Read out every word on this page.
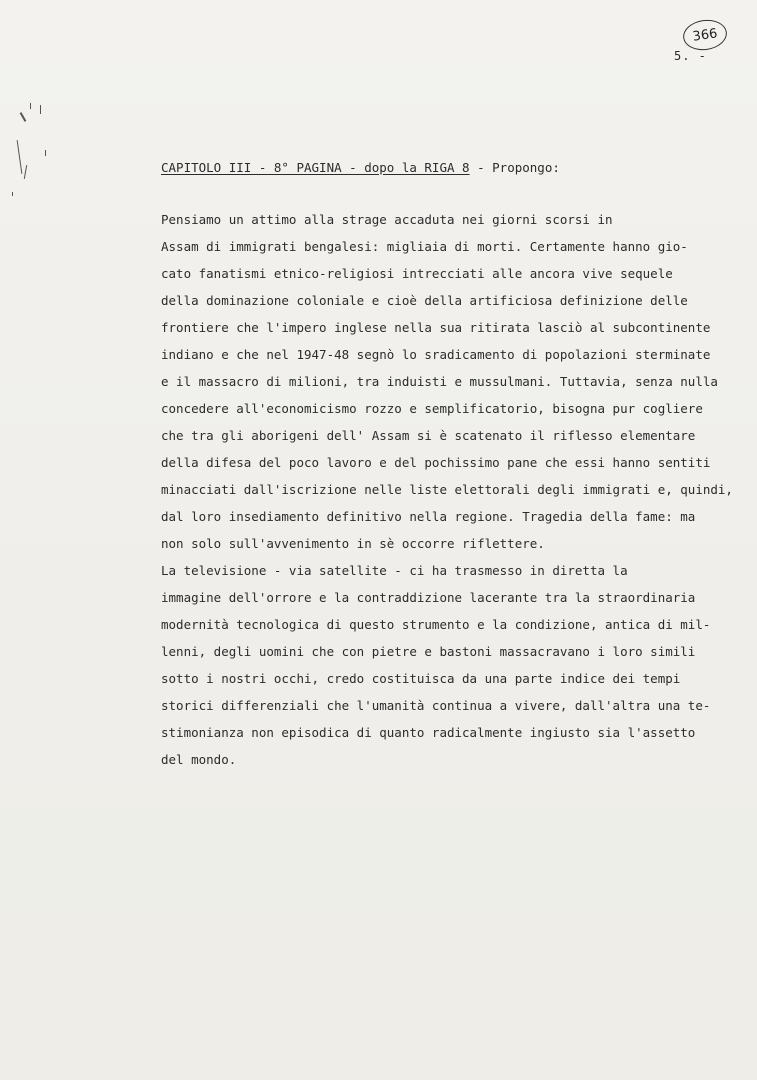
366
5. -
CAPITOLO III - 8° PAGINA - dopo la RIGA 8 - Propongo:
Pensiamo un attimo alla strage accaduta nei giorni scorsi in
Assam di immigrati bengalesi: migliaia di morti. Certamente hanno gio-
cato fanatismi etnico-religiosi intrecciati alle ancora vive sequele
della dominazione coloniale e cioè della artificiosa definizione delle
frontiere che l'impero inglese nella sua ritirata lasciò al subcontinente
indiano e che nel 1947-48 segnò lo sradicamento di popolazioni sterminate
e il massacro di milioni, tra induisti e mussulmani. Tuttavia, senza nulla
concedere all'economicismo rozzo e semplificatorio, bisogna pur cogliere
che tra gli aborigeni dell' Assam si è scatenato il riflesso elementare
della difesa del poco lavoro e del pochissimo pane che essi hanno sentiti
minacciati dall'iscrizione nelle liste elettorali degli immigrati e, quindi,
dal loro insediamento definitivo nella regione. Tragedia della fame: ma
non solo sull'avvenimento in sè occorre riflettere.
La televisione - via satellite - ci ha trasmesso in diretta la
immagine dell'orrore e la contraddizione lacerante tra la straordinaria
modernità tecnologica di questo strumento e la condizione, antica di mil-
lenni, degli uomini che con pietre e bastoni massacravano i loro simili
sotto i nostri occhi, credo costituisca da una parte indice dei tempi
storici differenziali che l'umanità continua a vivere, dall'altra una te-
stimonianza non episodica di quanto radicalmente ingiusto sia l'assetto
del mondo.
